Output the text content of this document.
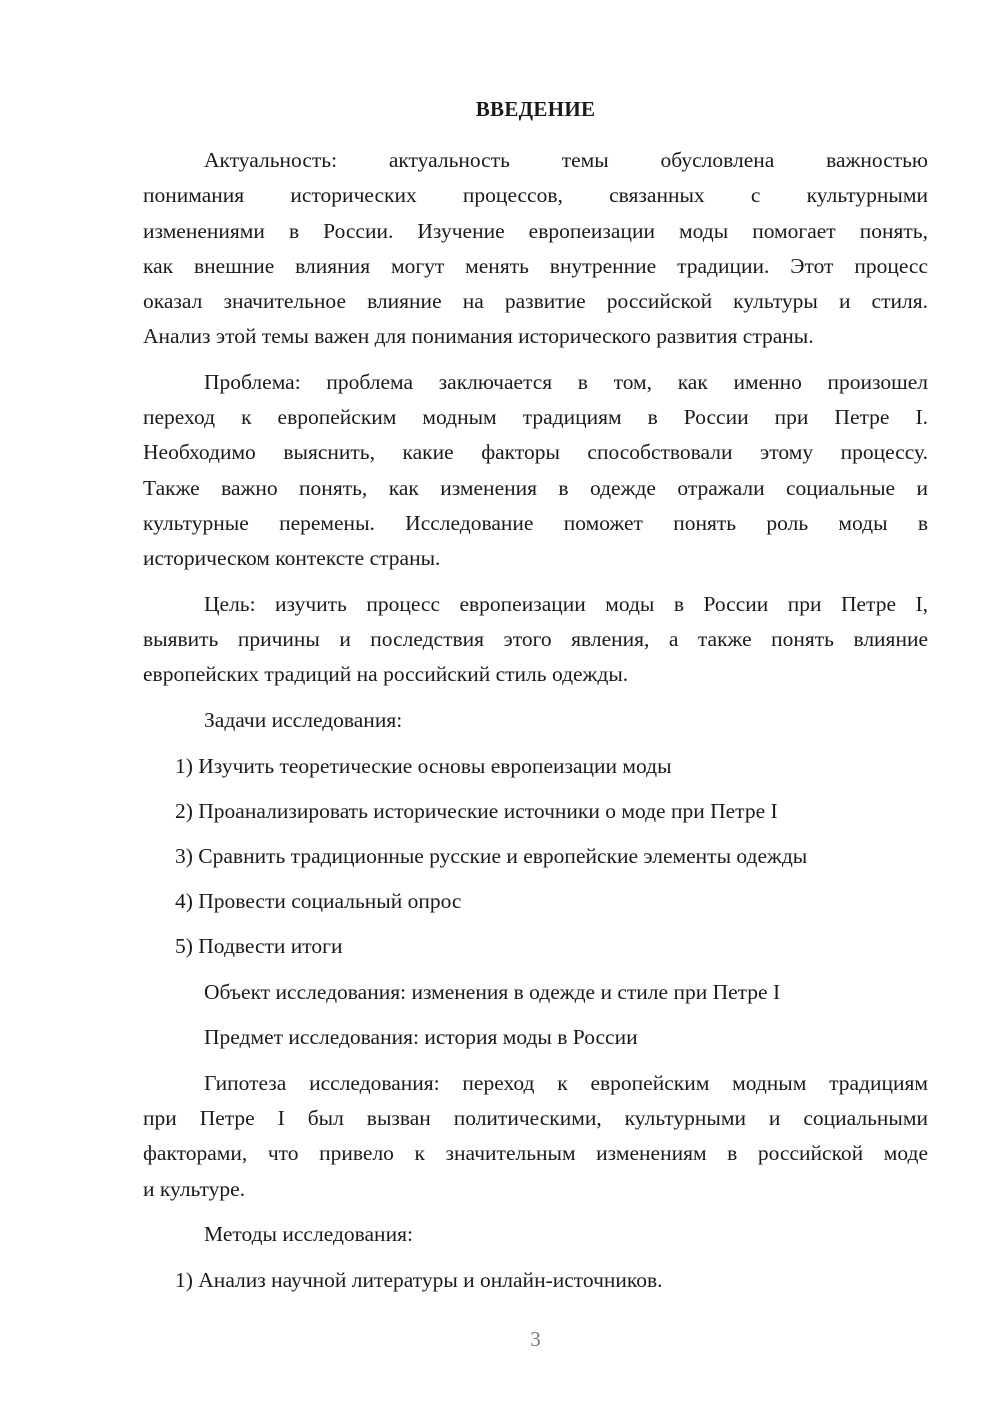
ВВЕДЕНИЕ
Актуальность: актуальность темы обусловлена важностью
понимания исторических процессов, связанных с культурными
изменениями в России. Изучение европеизации моды помогает понять,
как внешние влияния могут менять внутренние традиции. Этот процесс
оказал значительное влияние на развитие российской культуры и стиля.
Анализ этой темы важен для понимания исторического развития страны.
Проблема: проблема заключается в том, как именно произошел
переход к европейским модным традициям в России при Петре I.
Необходимо выяснить, какие факторы способствовали этому процессу.
Также важно понять, как изменения в одежде отражали социальные и
культурные перемены. Исследование поможет понять роль моды в
историческом контексте страны.
Цель: изучить процесс европеизации моды в России при Петре I,
выявить причины и последствия этого явления, а также понять влияние
европейских традиций на российский стиль одежды.
Задачи исследования:
1) Изучить теоретические основы европеизации моды
2) Проанализировать исторические источники о моде при Петре I
3) Сравнить традиционные русские и европейские элементы одежды
4) Провести социальный опрос
5) Подвести итоги
Объект исследования: изменения в одежде и стиле при Петре I
Предмет исследования: история моды в России
Гипотеза исследования: переход к европейским модным традициям
при Петре I был вызван политическими, культурными и социальными
факторами, что привело к значительным изменениям в российской моде
и культуре.
Методы исследования:
1) Анализ научной литературы и онлайн-источников.
3
